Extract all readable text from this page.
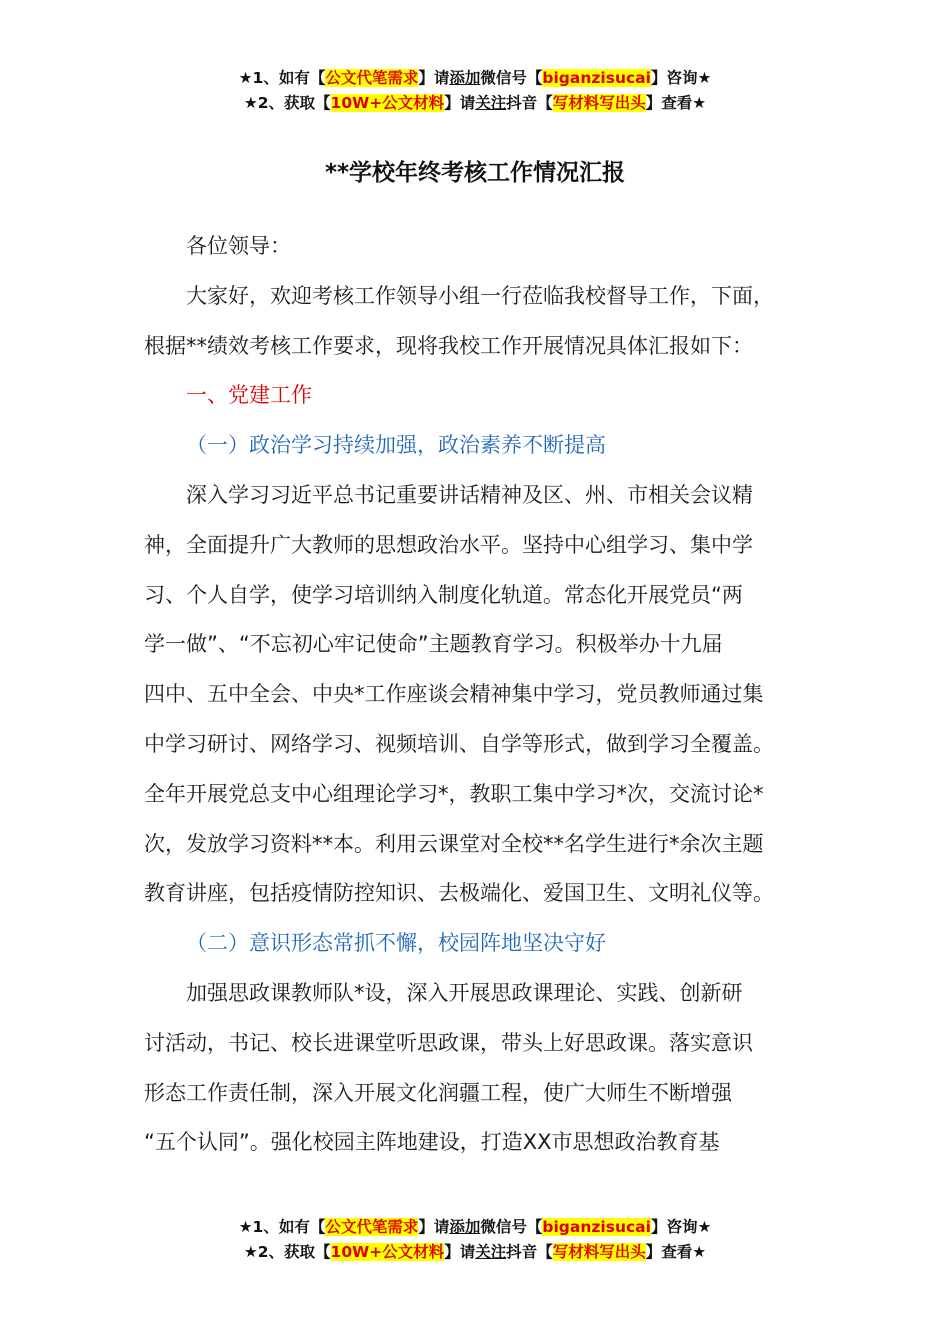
★1、如有【公文代笔需求】请添加微信号【biganzisucai】咨询★
★2、获取【10W+公文材料】请关注抖音【写材料写出头】查看★
**学校年终考核工作情况汇报

各位领导：

大家好，欢迎考核工作领导小组一行莅临我校督导工作，下面，
根据**绩效考核工作要求，现将我校工作开展情况具体汇报如下：

一、党建工作

（一）政治学习持续加强，政治素养不断提高

深入学习习近平总书记重要讲话精神及区、州、市相关会议精
神，全面提升广大教师的思想政治水平。坚持中心组学习、集中学
习、个人自学，使学习培训纳入制度化轨道。常态化开展党员“两
学一做”、“不忘初心牢记使命”主题教育学习。积极举办十九届
四中、五中全会、中央*工作座谈会精神集中学习，党员教师通过集
中学习研讨、网络学习、视频培训、自学等形式，做到学习全覆盖。
全年开展党总支中心组理论学习*，教职工集中学习*次，交流讨论*
次，发放学习资料**本。利用云课堂对全校**名学生进行*余次主题
教育讲座，包括疫情防控知识、去极端化、爱国卫生、文明礼仪等。

（二）意识形态常抓不懈，校园阵地坚决守好

加强思政课教师队*设，深入开展思政课理论、实践、创新研
讨活动，书记、校长进课堂听思政课，带头上好思政课。落实意识
形态工作责任制，深入开展文化润疆工程，使广大师生不断增强
“五个认同”。强化校园主阵地建设，打造XX市思想政治教育基

★1、如有【公文代笔需求】请添加微信号【biganzisucai】咨询★
★2、获取【10W+公文材料】请关注抖音【写材料写出头】查看★
